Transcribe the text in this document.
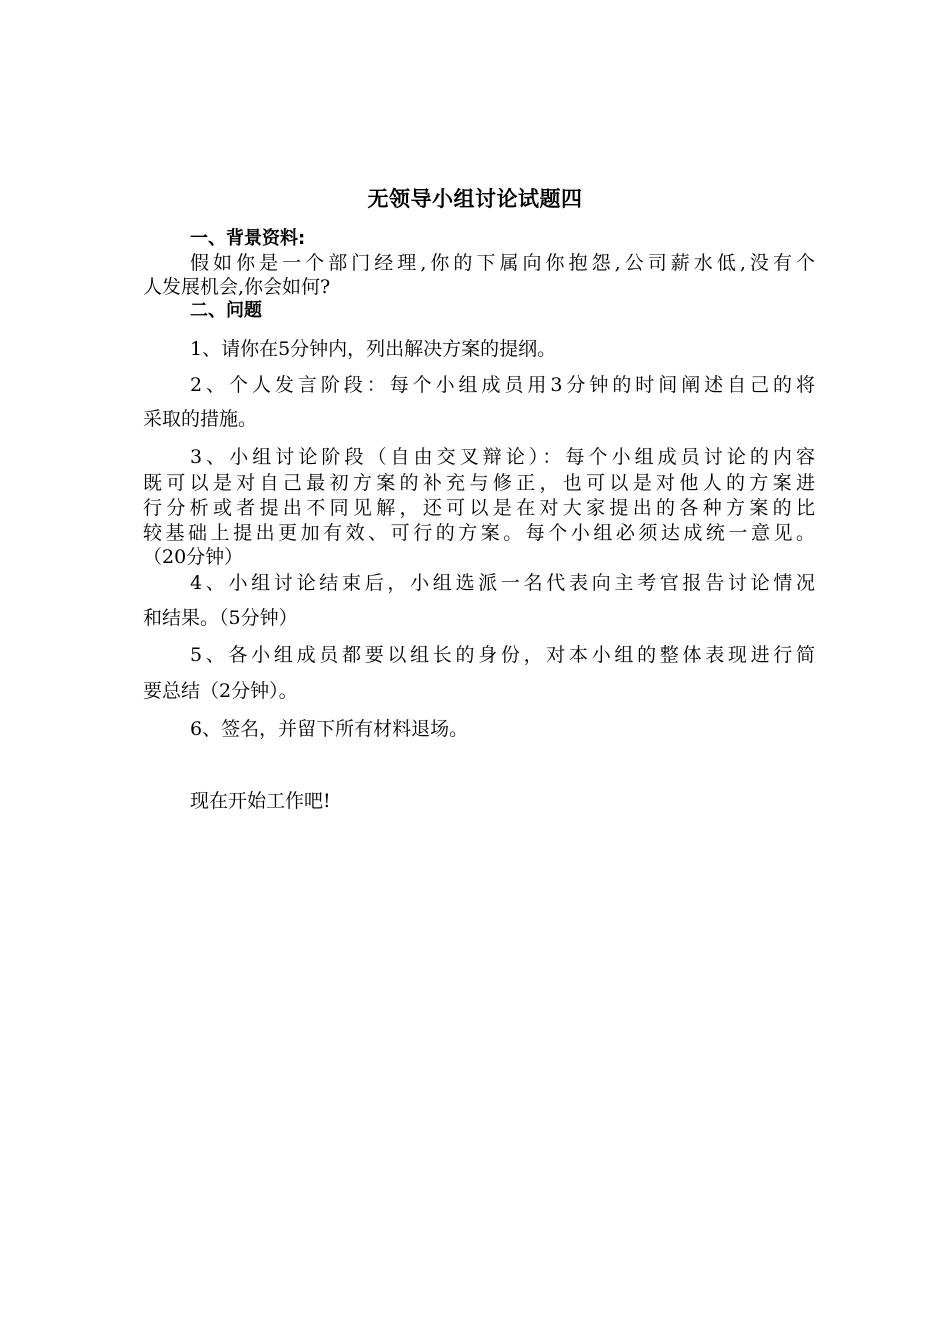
无领导小组讨论试题四
一、背景资料:
假如你是一个部门经理,你的下属向你抱怨,公司薪水低,没有个
人发展机会,你会如何?
二、问题
1、请你在5分钟内，列出解决方案的提纲。
2、个人发言阶段：每个小组成员用3分钟的时间阐述自己的将
采取的措施。
3、小组讨论阶段（自由交叉辩论）：每个小组成员讨论的内容
既可以是对自己最初方案的补充与修正，也可以是对他人的方案进
行分析或者提出不同见解，还可以是在对大家提出的各种方案的比
较基础上提出更加有效、可行的方案。每个小组必须达成统一意见。
（20分钟）
4、小组讨论结束后，小组选派一名代表向主考官报告讨论情况
和结果。（5分钟）
5、各小组成员都要以组长的身份，对本小组的整体表现进行简
要总结（2分钟）。
6、签名，并留下所有材料退场。
现在开始工作吧!
